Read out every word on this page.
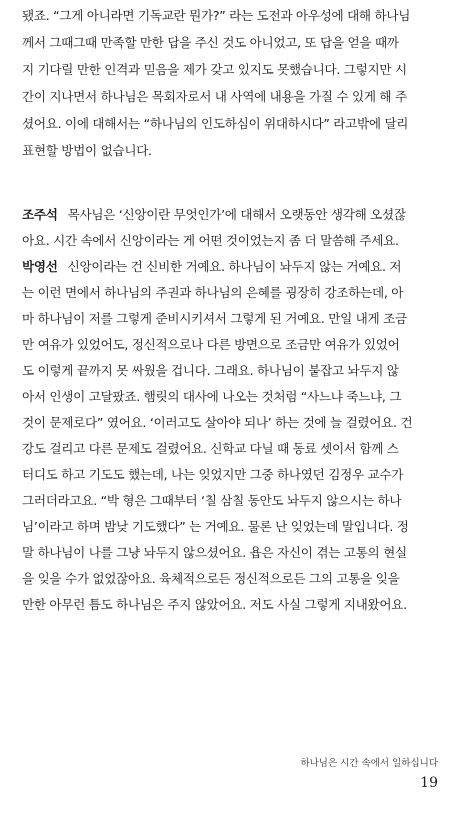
됐죠. “그게 아니라면 기독교란 뭔가?” 라는 도전과 아우성에 대해 하나님
께서 그때그때 만족할 만한 답을 주신 것도 아니었고, 또 답을 얻을 때까
지 기다릴 만한 인격과 믿음을 제가 갖고 있지도 못했습니다. 그렇지만 시
간이 지나면서 하나님은 목회자로서 내 사역에 내용을 가질 수 있게 해 주
셨어요. 이에 대해서는 “하나님의 인도하심이 위대하시다” 라고밖에 달리
표현할 방법이 없습니다.
조주석 목사님은 ‘신앙이란 무엇인가’에 대해서 오랫동안 생각해 오셨잖
아요. 시간 속에서 신앙이라는 게 어떤 것이었는지 좀 더 말씀해 주세요.
박영선 신앙이라는 건 신비한 거예요. 하나님이 놔두지 않는 거예요. 저
는 이런 면에서 하나님의 주권과 하나님의 은혜를 굉장히 강조하는데, 아
마 하나님이 저를 그렇게 준비시키셔서 그렇게 된 거예요. 만일 내게 조금
만 여유가 있었어도, 정신적으로나 다른 방면으로 조금만 여유가 있었어
도 이렇게 끝까지 못 싸웠을 겁니다. 그래요. 하나님이 붙잡고 놔두지 않
아서 인생이 고달팠죠. 햄릿의 대사에 나오는 것처럼 “사느냐 죽느냐, 그
것이 문제로다” 였어요. ‘이러고도 살아야 되나’ 하는 것에 늘 걸렸어요. 건
강도 걸리고 다른 문제도 걸렸어요. 신학교 다닐 때 동료 셋이서 함께 스
터디도 하고 기도도 했는데, 나는 잊었지만 그중 하나였던 김정우 교수가
그러더라고요. “박 형은 그때부터 ‘칠 삼칠 동안도 놔두지 않으시는 하나
님’이라고 하며 밤낮 기도했다” 는 거예요. 물론 난 잊었는데 말입니다. 정
말 하나님이 나를 그냥 놔두지 않으셨어요. 욥은 자신이 겪는 고통의 현실
을 잊을 수가 없었잖아요. 육체적으로든 정신적으로든 그의 고통을 잊을
만한 아무런 틈도 하나님은 주지 않았어요. 저도 사실 그렇게 지내왔어요.
하나님은 시간 속에서 일하십니다
19
